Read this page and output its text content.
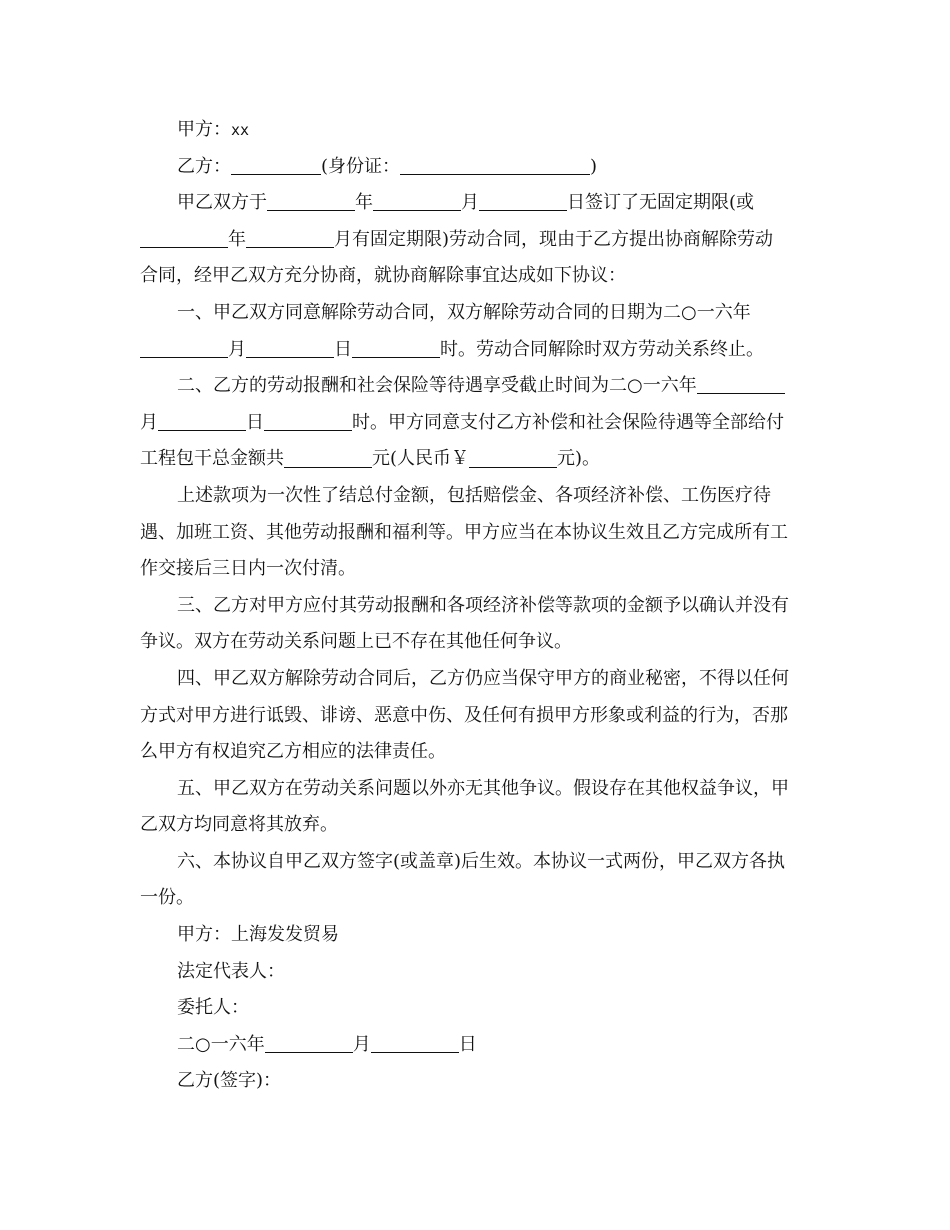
甲方：xx

乙方：	(身份证：	)

甲乙双方于	年	月	日签订了无固定期限(或
年	月有固定期限)劳动合同，现由于乙方提出协商解除劳动
合同，经甲乙双方充分协商，就协商解除事宜达成如下协议：

一、甲乙双方同意解除劳动合同，双方解除劳动合同的日期为二○一六年
月	日	时。劳动合同解除时双方劳动关系终止。

二、乙方的劳动报酬和社会保险等待遇享受截止时间为二○一六年
月	日	时。甲方同意支付乙方补偿和社会保险待遇等全部给付
工程包干总金额共	元(人民币￥	元)。

上述款项为一次性了结总付金额，包括赔偿金、各项经济补偿、工伤医疗待
遇、加班工资、其他劳动报酬和福利等。甲方应当在本协议生效且乙方完成所有工
作交接后三日内一次付清。

三、乙方对甲方应付其劳动报酬和各项经济补偿等款项的金额予以确认并没有
争议。双方在劳动关系问题上已不存在其他任何争议。

四、甲乙双方解除劳动合同后，乙方仍应当保守甲方的商业秘密，不得以任何
方式对甲方进行诋毁、诽谤、恶意中伤、及任何有损甲方形象或利益的行为，否那
么甲方有权追究乙方相应的法律责任。

五、甲乙双方在劳动关系问题以外亦无其他争议。假设存在其他权益争议，甲
乙双方均同意将其放弃。

六、本协议自甲乙双方签字(或盖章)后生效。本协议一式两份，甲乙双方各执
一份。

甲方：上海发发贸易

法定代表人：

委托人：

二○一六年	月	日

乙方(签字)：
